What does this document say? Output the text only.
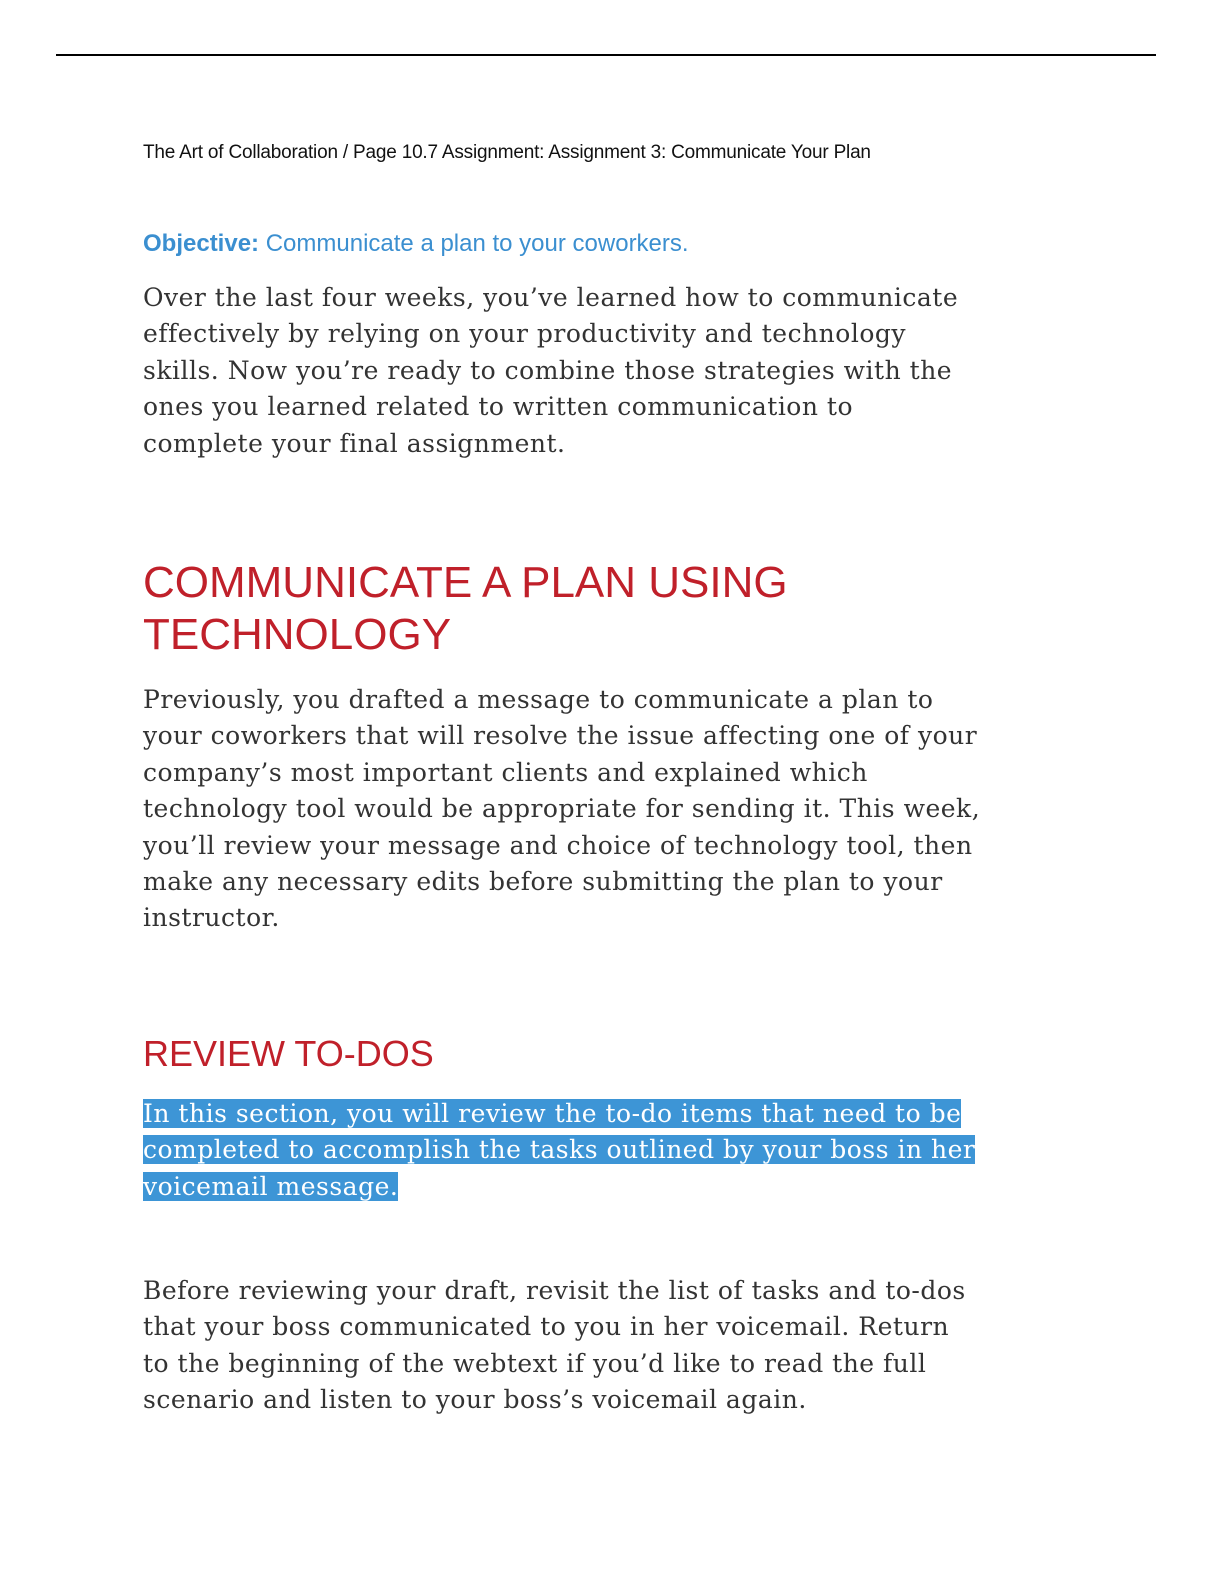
The Art of Collaboration / Page 10.7 Assignment: Assignment 3: Communicate Your Plan
Objective: Communicate a plan to your coworkers.

Over the last four weeks, you’ve learned how to communicate
effectively by relying on your productivity and technology
skills. Now you’re ready to combine those strategies with the
ones you learned related to written communication to
complete your final assignment.

COMMUNICATE A PLAN USING
TECHNOLOGY

Previously, you drafted a message to communicate a plan to
your coworkers that will resolve the issue affecting one of your
company’s most important clients and explained which
technology tool would be appropriate for sending it. This week,
you’ll review your message and choice of technology tool, then
make any necessary edits before submitting the plan to your
instructor.

REVIEW TO-DOS

In this section, you will review the to-do items that need to be
completed to accomplish the tasks outlined by your boss in her
voicemail message.

Before reviewing your draft, revisit the list of tasks and to-dos
that your boss communicated to you in her voicemail. Return
to the beginning of the webtext if you’d like to read the full
scenario and listen to your boss’s voicemail again.
